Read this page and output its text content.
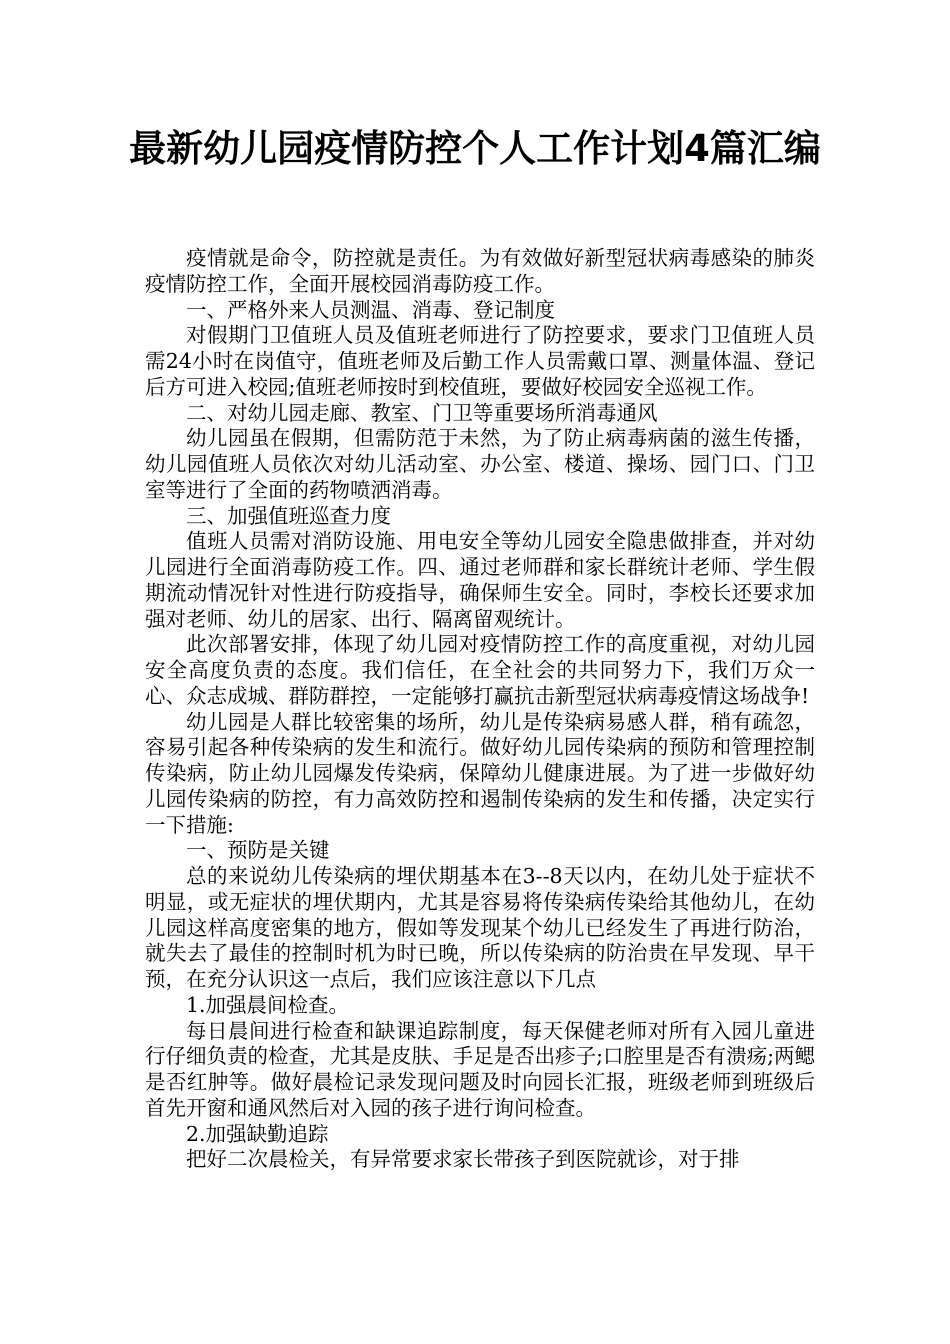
最新幼儿园疫情防控个人工作计划4篇汇编

疫情就是命令，防控就是责任。为有效做好新型冠状病毒感染的肺炎疫情防控工作，全面开展校园消毒防疫工作。

一、严格外来人员测温、消毒、登记制度

对假期门卫值班人员及值班老师进行了防控要求，要求门卫值班人员需24小时在岗值守，值班老师及后勤工作人员需戴口罩、测量体温、登记后方可进入校园;值班老师按时到校值班，要做好校园安全巡视工作。

二、对幼儿园走廊、教室、门卫等重要场所消毒通风

幼儿园虽在假期，但需防范于未然，为了防止病毒病菌的滋生传播，幼儿园值班人员依次对幼儿活动室、办公室、楼道、操场、园门口、门卫室等进行了全面的药物喷洒消毒。

三、加强值班巡查力度

值班人员需对消防设施、用电安全等幼儿园安全隐患做排查，并对幼儿园进行全面消毒防疫工作。四、通过老师群和家长群统计老师、学生假期流动情况针对性进行防疫指导，确保师生安全。同时，李校长还要求加强对老师、幼儿的居家、出行、隔离留观统计。

此次部署安排，体现了幼儿园对疫情防控工作的高度重视，对幼儿园安全高度负责的态度。我们信任，在全社会的共同努力下，我们万众一心、众志成城、群防群控，一定能够打赢抗击新型冠状病毒疫情这场战争!

幼儿园是人群比较密集的场所，幼儿是传染病易感人群，稍有疏忽，容易引起各种传染病的发生和流行。做好幼儿园传染病的预防和管理控制传染病，防止幼儿园爆发传染病，保障幼儿健康进展。为了进一步做好幼儿园传染病的防控，有力高效防控和遏制传染病的发生和传播，决定实行一下措施:

一、预防是关键

总的来说幼儿传染病的埋伏期基本在3--8天以内，在幼儿处于症状不明显，或无症状的埋伏期内，尤其是容易将传染病传染给其他幼儿，在幼儿园这样高度密集的地方，假如等发现某个幼儿已经发生了再进行防治，就失去了最佳的控制时机为时已晚，所以传染病的防治贵在早发现、早干预，在充分认识这一点后，我们应该注意以下几点

1.加强晨间检查。

每日晨间进行检查和缺课追踪制度，每天保健老师对所有入园儿童进行仔细负责的检查，尤其是皮肤、手足是否出疹子;口腔里是否有溃疡;两鳃是否红肿等。做好晨检记录发现问题及时向园长汇报，班级老师到班级后首先开窗和通风然后对入园的孩子进行询问检查。

2.加强缺勤追踪

把好二次晨检关，有异常要求家长带孩子到医院就诊，对于排
